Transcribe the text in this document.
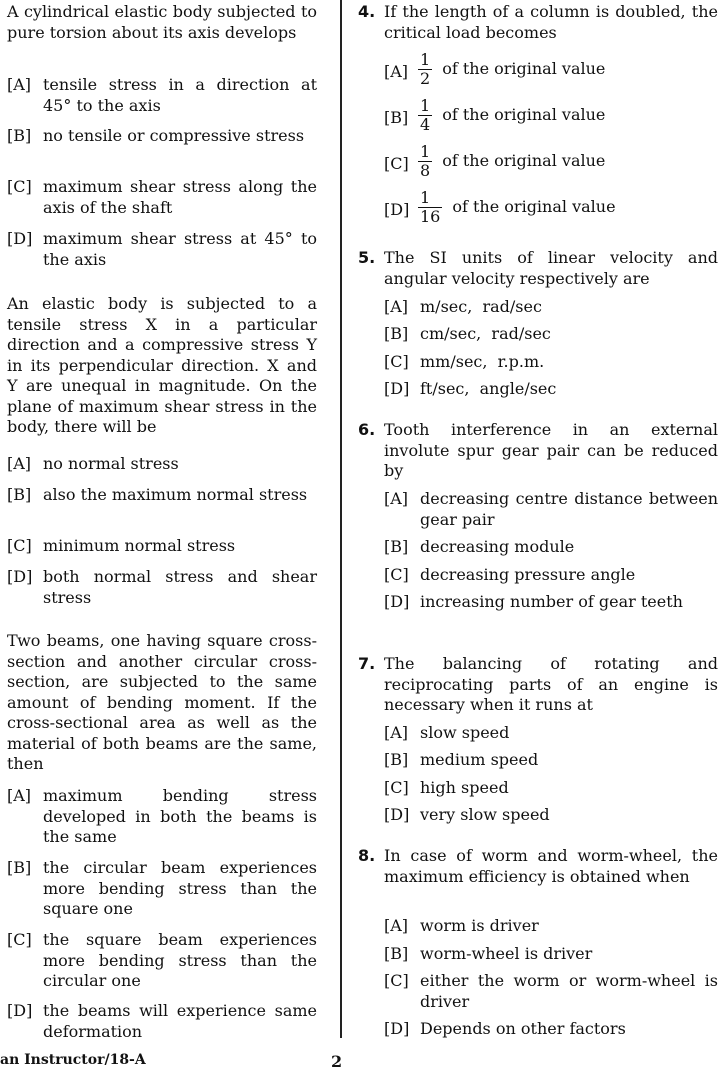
A cylindrical elastic body subjected to pure torsion about its axis develops

[A] tensile stress in a direction at 45° to the axis
[B] no tensile or compressive stress
[C] maximum shear stress along the axis of the shaft
[D] maximum shear stress at 45° to the axis

An elastic body is subjected to a tensile stress X in a particular direction and a compressive stress Y in its perpendicular direction. X and Y are unequal in magnitude. On the plane of maximum shear stress in the body, there will be

[A] no normal stress
[B] also the maximum normal stress
[C] minimum normal stress
[D] both normal stress and shear stress

Two beams, one having square cross-section and another circular cross-section, are subjected to the same amount of bending moment. If the cross-sectional area as well as the material of both beams are the same, then

[A] maximum bending stress developed in both the beams is the same
[B] the circular beam experiences more bending stress than the square one
[C] the square beam experiences more bending stress than the circular one
[D] the beams will experience same deformation
4. If the length of a column is doubled, the critical load becomes

$[A] \frac{1}{2}$ of the original value
$[B] \frac{1}{4}$ of the original value
$[C] \frac{1}{8}$ of the original value
$[D] \frac{1}{16}$ of the original value
5. The SI units of linear velocity and angular velocity respectively are

[A] m/sec,  rad/sec
[B] cm/sec,  rad/sec
[C] mm/sec,  r.p.m.
[D] ft/sec,  angle/sec
6. Tooth interference in an external involute spur gear pair can be reduced by

[A] decreasing centre distance between gear pair
[B] decreasing module
[C] decreasing pressure angle
[D] increasing number of gear teeth
7. The balancing of rotating and reciprocating parts of an engine is necessary when it runs at

[A] slow speed
[B] medium speed
[C] high speed
[D] very slow speed
8. In case of worm and worm-wheel, the maximum efficiency is obtained when

[A] worm is driver
[B] worm-wheel is driver
[C] either the worm or worm-wheel is driver
[D] Depends on other factors
an Instructor/18-A	2
